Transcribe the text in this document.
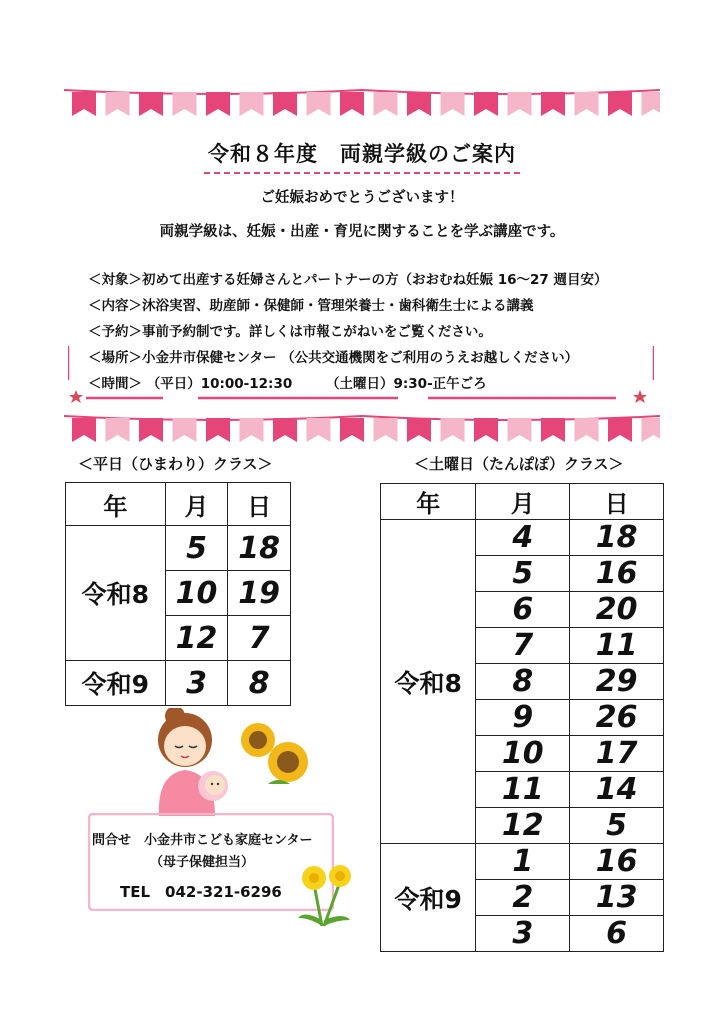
令和８年度　両親学級のご案内
ご妊娠おめでとうございます！
両親学級は、妊娠・出産・育児に関することを学ぶ講座です。
＜対象＞初めて出産する妊婦さんとパートナーの方（おおむね妊娠 16～27 週目安）
＜内容＞沐浴実習、助産師・保健師・管理栄養士・歯科衛生士による講義
＜予約＞事前予約制です。詳しくは市報こがねいをご覧ください。
＜場所＞小金井市保健センター （公共交通機関をご利用のうえお越しください）
＜時間＞ （平日）10:00-12:30　　　（土曜日）9:30-正午ごろ
＜平日（ひまわり）クラス＞	＜土曜日（たんぽぽ）クラス＞
年	月	日
令和8	5	18
	10	19
	12	7
令和9	3	8
年	月	日
令和8	4	18
	5	16
	6	20
	7	11
	8	29
	9	26
	10	17
	11	14
	12	5
令和9	1	16
	2	13
	3	6
問合せ　小金井市こども家庭センター
（母子保健担当）
TEL　042-321-6296
